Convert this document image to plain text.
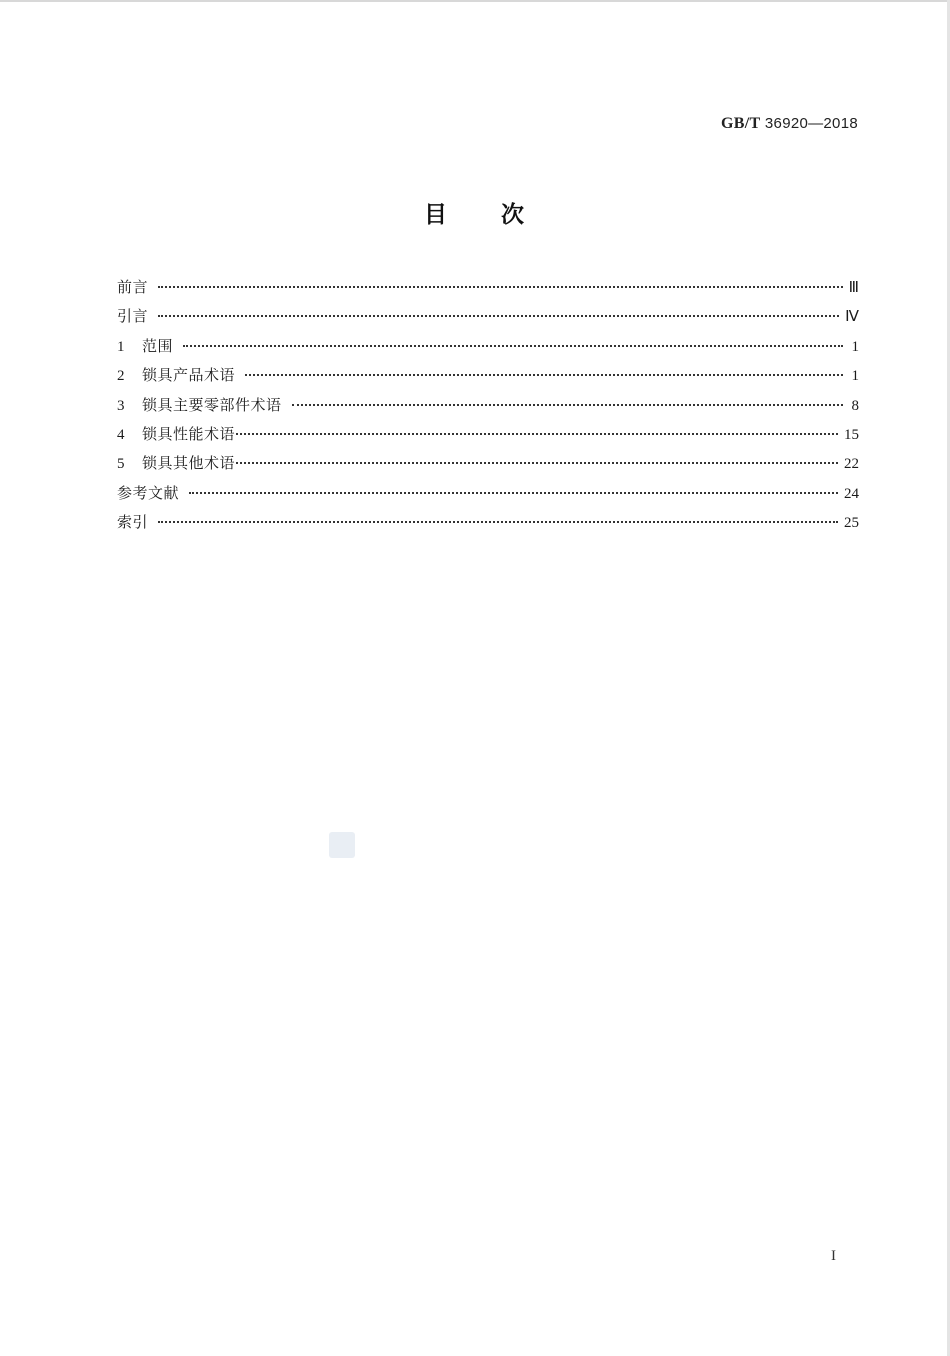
GB/T 36920—2018
目 次
前言	Ⅲ
引言	Ⅳ
1	范围	1
2	锁具产品术语	1
3	锁具主要零部件术语	8
4	锁具性能术语	15
5	锁具其他术语	22
参考文献	24
索引	25
I
